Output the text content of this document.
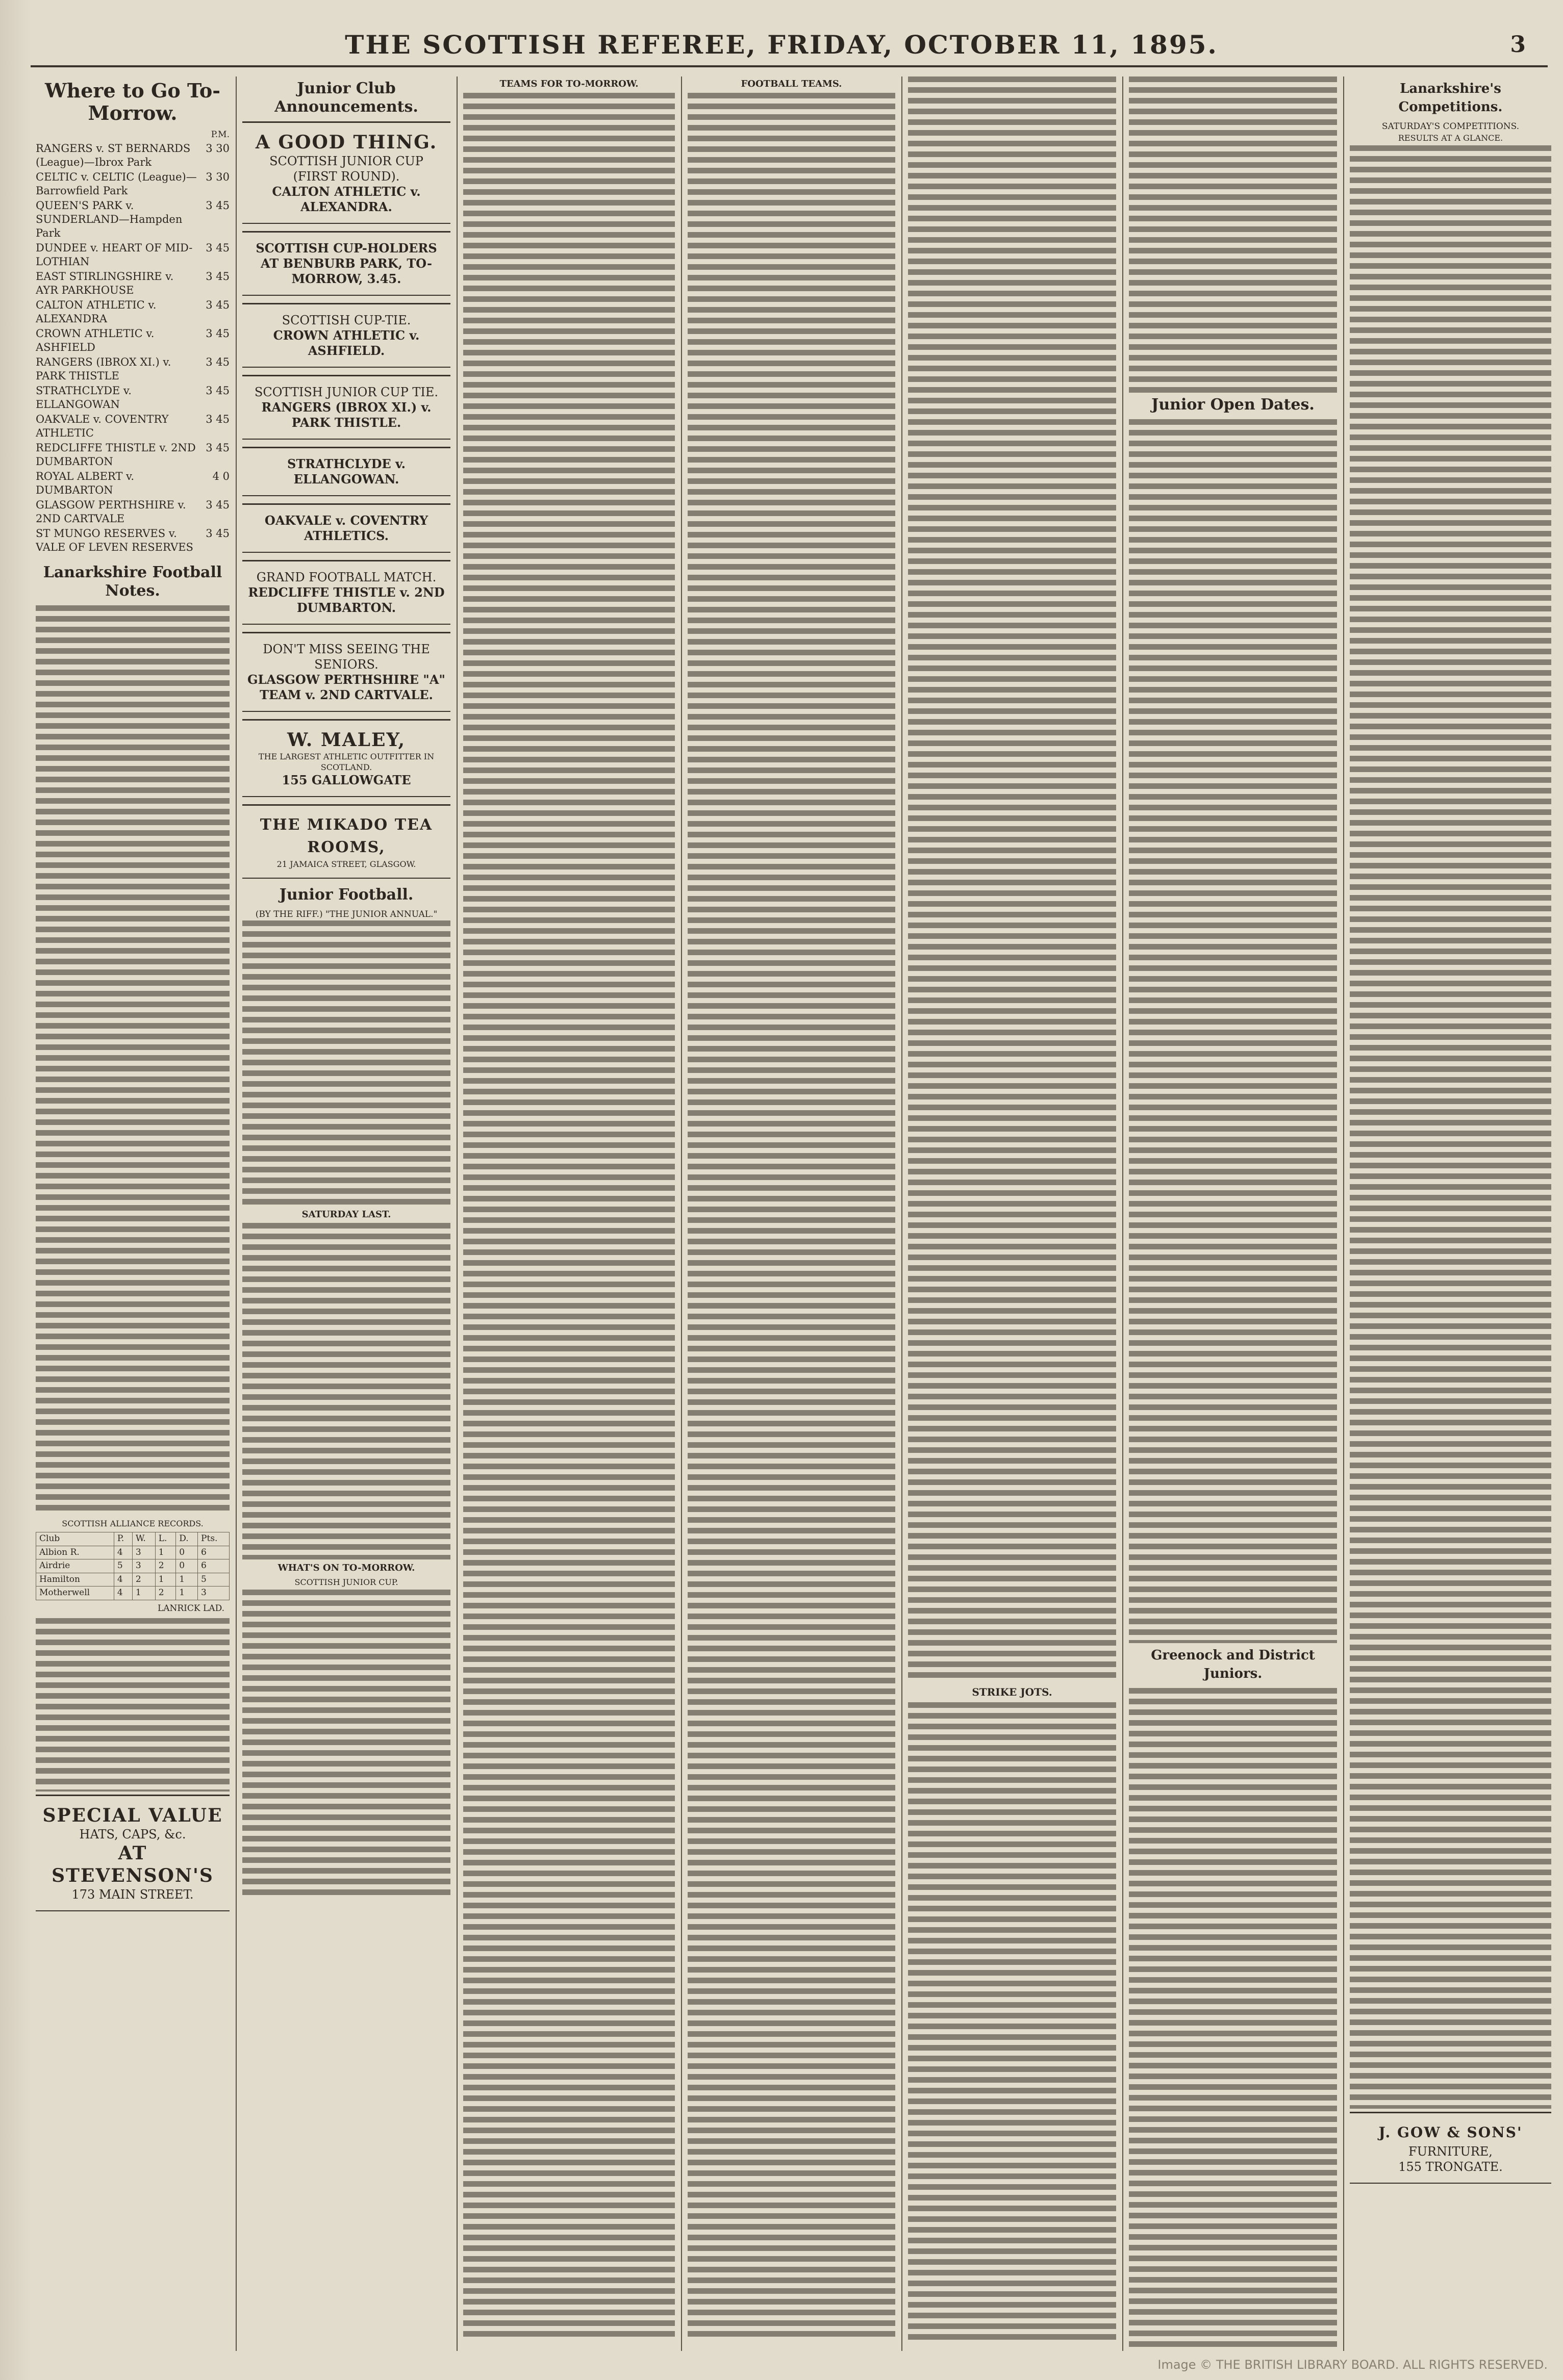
THE SCOTTISH REFEREE, FRIDAY, OCTOBER 11, 1895.	3
Where to Go To-Morrow.
P.M.
RANGERS v. ST BERNARDS (League)—Ibrox Park
3 30
CELTIC v. CELTIC (League)—Barrowfield Park
3 30
QUEEN'S PARK v. SUNDERLAND—Hampden Park
3 45
DUNDEE v. HEART OF MID-LOTHIAN
3 45
EAST STIRLINGSHIRE v. AYR PARKHOUSE
3 45
CALTON ATHLETIC v. ALEXANDRA
3 45
CROWN ATHLETIC v. ASHFIELD
3 45
RANGERS (IBROX XI.) v. PARK THISTLE
3 45
STRATHCLYDE v. ELLANGOWAN
3 45
OAKVALE v. COVENTRY ATHLETIC
3 45
REDCLIFFE THISTLE v. 2ND DUMBARTON
3 45
ROYAL ALBERT v. DUMBARTON
4 0
GLASGOW PERTHSHIRE v. 2ND CARTVALE
3 45
ST MUNGO RESERVES v. VALE OF LEVEN RESERVES
3 45
Lanarkshire Football Notes.
SCOTTISH ALLIANCE RECORDS.
Club	P.	W.	L.	D.	Pts.
Albion R.	4	3	1	0	6
Airdrie	5	3	2	0	6
Hamilton	4	2	1	1	5
Motherwell	4	1	2	1	3
LANRICK LAD.
SPECIAL VALUE
HATS, CAPS, &c.
AT STEVENSON'S
173 MAIN STREET.
Junior Club Announcements.
A GOOD THING.
SCOTTISH JUNIOR CUP (FIRST ROUND).
CALTON ATHLETIC v. ALEXANDRA.
SCOTTISH CUP-HOLDERS AT BENBURB PARK, TO-MORROW, 3.45.
SCOTTISH CUP-TIE.
CROWN ATHLETIC v. ASHFIELD.
SCOTTISH JUNIOR CUP TIE.
RANGERS (IBROX XI.) v. PARK THISTLE.
STRATHCLYDE v. ELLANGOWAN.
OAKVALE v. COVENTRY ATHLETICS.
GRAND FOOTBALL MATCH.
REDCLIFFE THISTLE v. 2ND DUMBARTON.
DON'T MISS SEEING THE SENIORS.
GLASGOW PERTHSHIRE "A" TEAM v. 2ND CARTVALE.
W. MALEY,
THE LARGEST ATHLETIC OUTFITTER IN SCOTLAND.
155 GALLOWGATE
THE MIKADO TEA ROOMS,
21 JAMAICA STREET, GLASGOW.
Junior Football.
(BY THE RIFF.) "THE JUNIOR ANNUAL."
SATURDAY LAST.
WHAT'S ON TO-MORROW.
SCOTTISH JUNIOR CUP.
TEAMS FOR TO-MORROW.	FOOTBALL TEAMS.
STRIKE JOTS.
Junior Open Dates.
Greenock and District Juniors.
Lanarkshire's Competitions.
SATURDAY'S COMPETITIONS.
RESULTS AT A GLANCE.
J. GOW & SONS'
FURNITURE,
155 TRONGATE.
Image © THE BRITISH LIBRARY BOARD. ALL RIGHTS RESERVED.
